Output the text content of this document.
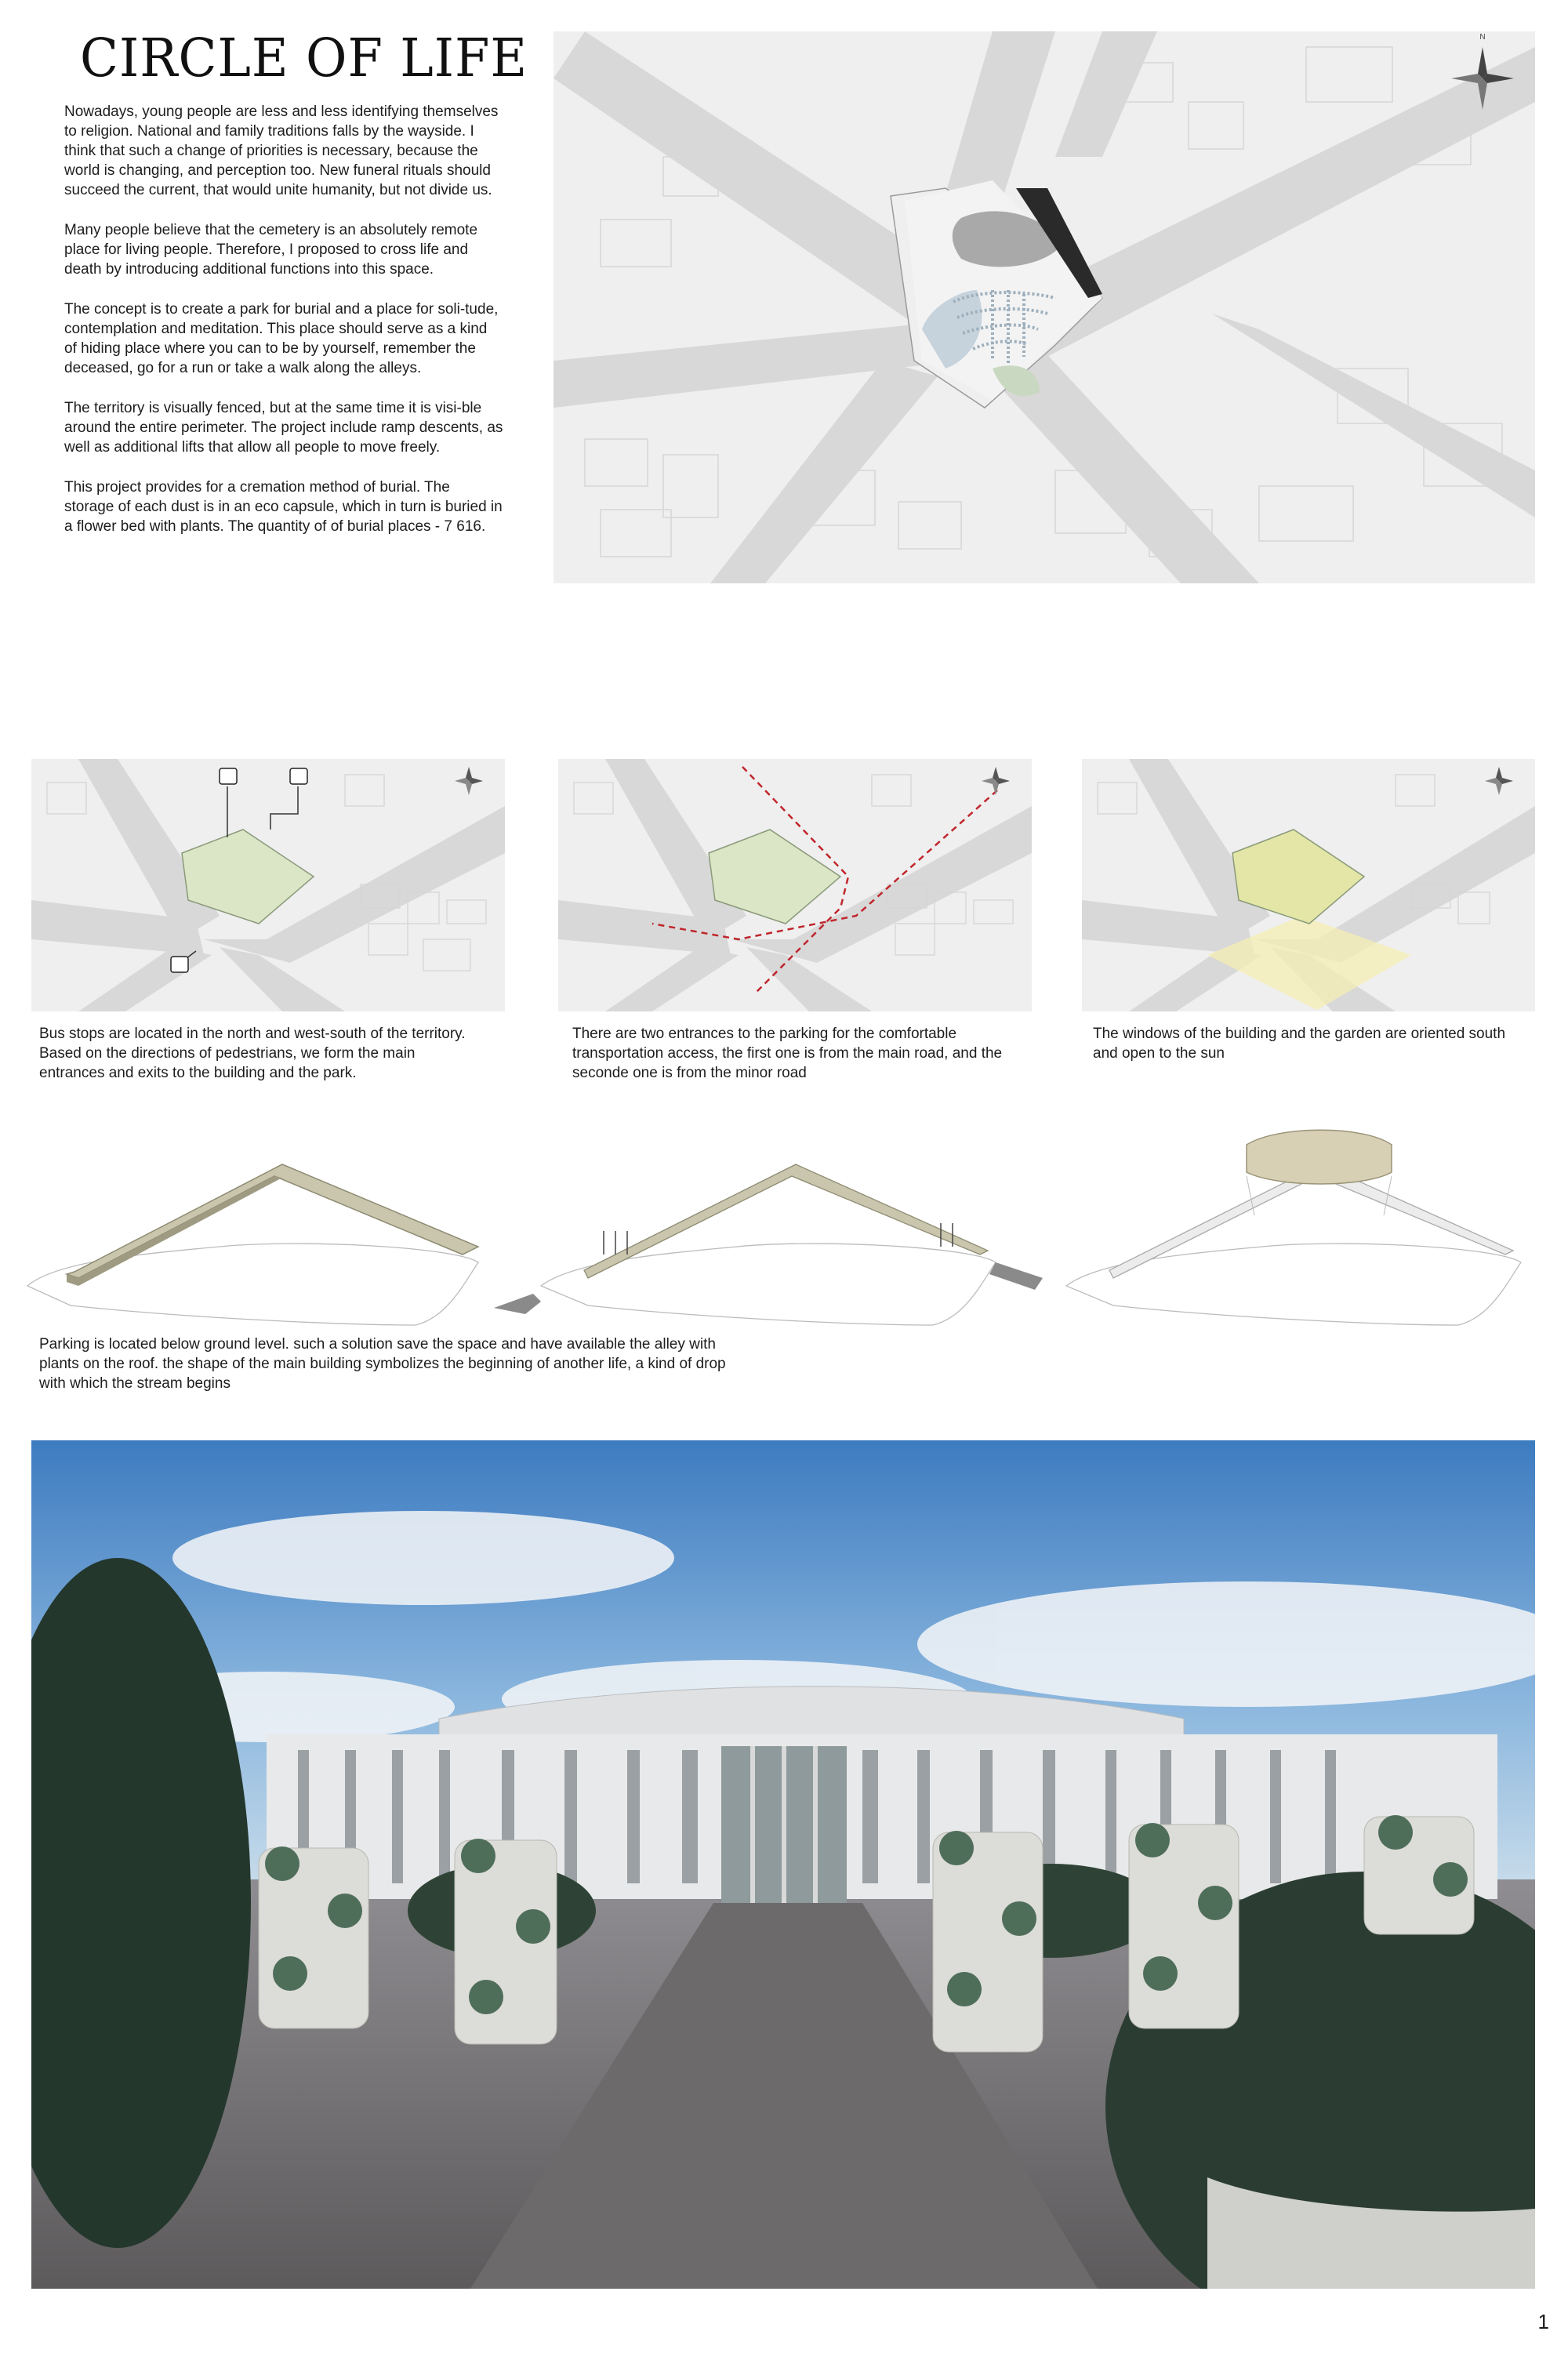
CIRCLE OF LIFE

Nowadays, young people are less and less identifying themselves to religion. National and family traditions falls by the wayside. I think that such a change of priorities is necessary, because the world is changing, and perception too. New funeral rituals should succeed the current, that would unite humanity, but not divide us.

Many people believe that the cemetery is an absolutely remote place for living people. Therefore, I proposed to cross life and death by introducing additional functions into this space.

The concept is to create a park for burial and a place for soli-tude, contemplation and meditation. This place should serve as a kind of hiding place where you can to be by yourself, remember the deceased, go for a run or take a walk along the alleys.

The territory is visually fenced, but at the same time it is visi-ble around the entire perimeter. The project include ramp descents, as well as additional lifts that allow all people to move freely.

This project provides for a cremation method of burial. The storage of each dust is in an eco capsule, which in turn is buried in a flower bed with plants. The quantity of of burial places - 7 616.

N
Bus stops are located in the north and west-south of the territory. Based on the directions of pedestrians, we form the main entrances and exits to the building and the park.
There are two entrances to the parking for the comfortable transportation access, the first one is from the main road, and the seconde one is from the minor road
The windows of the building and the garden are oriented south and open to the sun
Parking is located below ground level. such a solution save the space and have available the alley with plants on the roof. the shape of the main building symbolizes the beginning of another life, a kind of drop with which the stream begins
1
